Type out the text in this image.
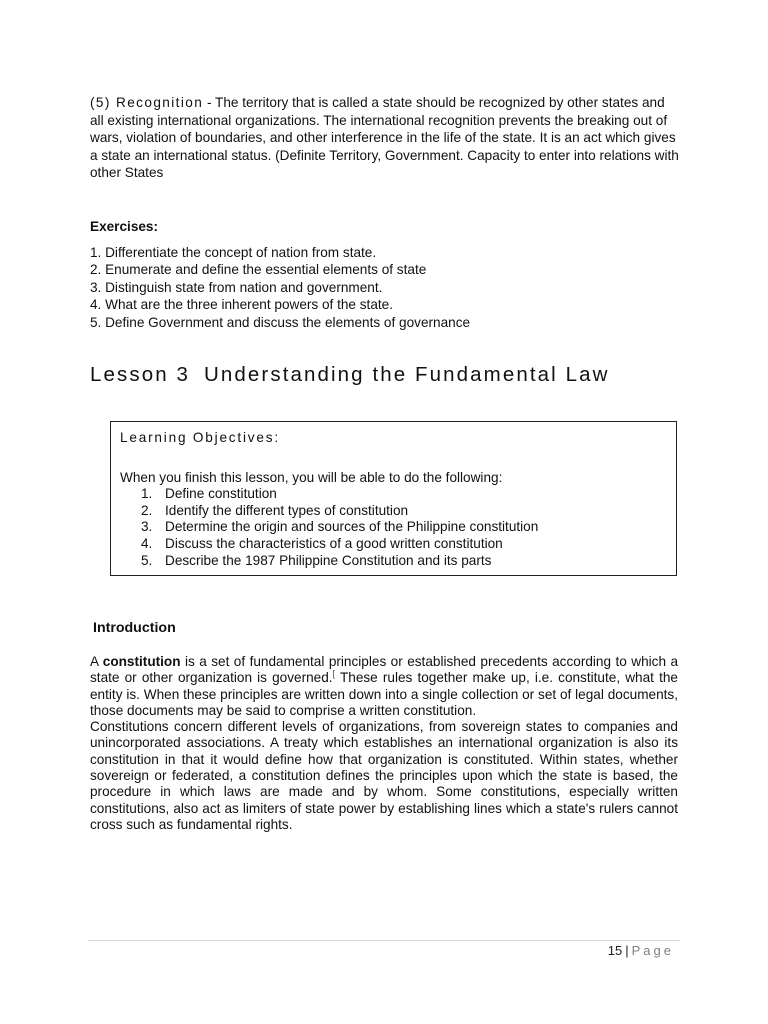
(5) Recognition - The territory that is called a state should be recognized by other states and all existing international organizations. The international recognition prevents the breaking out of wars, violation of boundaries, and other interference in the life of the state. It is an act which gives a state an international status. (Definite Territory, Government. Capacity to enter into relations with other States

Exercises:
1. Differentiate the concept of nation from state.
2. Enumerate and define the essential elements of state
3. Distinguish state from nation and government.
4. What are the three inherent powers of the state.
5. Define Government and discuss the elements of governance
Lesson 3 Understanding the Fundamental Law
Learning Objectives:

When you finish this lesson, you will be able to do the following:

1. Define constitution
2. Identify the different types of constitution
3. Determine the origin and sources of the Philippine constitution
4. Discuss the characteristics of a good written constitution
5. Describe the 1987 Philippine Constitution and its parts
Introduction

A constitution is a set of fundamental principles or established precedents according to which a state or other organization is governed.[ These rules together make up, i.e. constitute, what the entity is. When these principles are written down into a single collection or set of legal documents, those documents may be said to comprise a written constitution.

Constitutions concern different levels of organizations, from sovereign states to companies and unincorporated associations. A treaty which establishes an international organization is also its constitution in that it would define how that organization is constituted. Within states, whether sovereign or federated, a constitution defines the principles upon which the state is based, the procedure in which laws are made and by whom. Some constitutions, especially written constitutions, also act as limiters of state power by establishing lines which a state's rulers cannot cross such as fundamental rights.

15 | Page
